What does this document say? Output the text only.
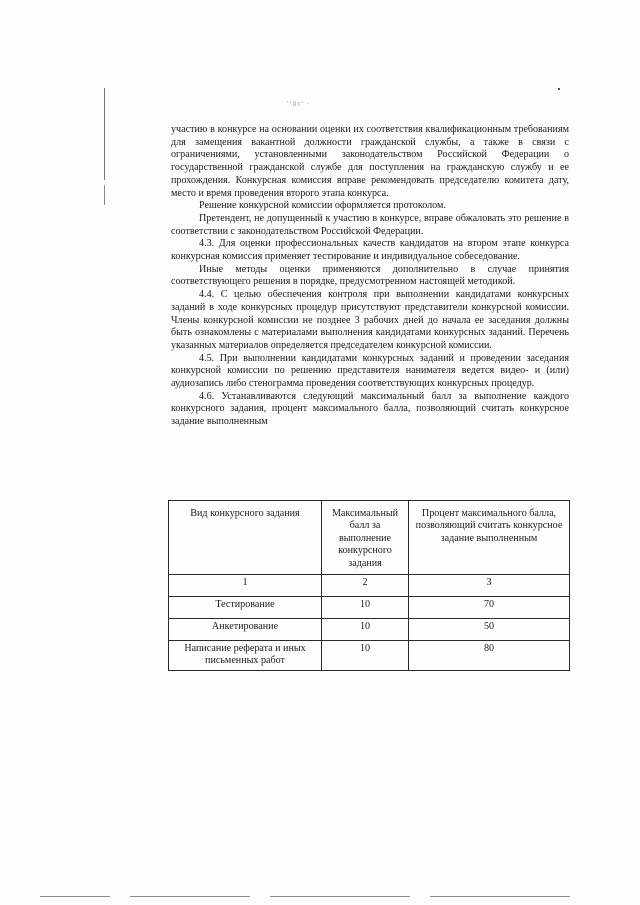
’‘йт‘ ·

участию в конкурсе на основании оценки их соответствия квалификационным требованиям для замещения вакантной должности гражданской службы, а также в связи с ограничениями, установленными законодательством Российской Федерации о государственной гражданской службе для поступления на гражданскую службу и ее прохождения. Конкурсная комиссия вправе рекомендовать председателю комитета дату, место и время проведения второго этапа конкурса.

Решение конкурсной комиссии оформляется протоколом.

Претендент, не допущенный к участию в конкурсе, вправе обжаловать это решение в соответствии с законодательством Российской Федерации.

4.3. Для оценки профессиональных качеств кандидатов на втором этапе конкурса конкурсная комиссия применяет тестирование и индивидуальное собеседование.

Иные методы оценки применяются дополнительно в случае принятия соответствующего решения в порядке, предусмотренном настоящей методикой.

4.4. С целью обеспечения контроля при выполнении кандидатами конкурсных заданий в ходе конкурсных процедур присутствуют представители конкурсной комиссии. Члены конкурсной комиссии не позднее 3 рабочих дней до начала ее заседания должны быть ознакомлены с материалами выполнения кандидатами конкурсных заданий. Перечень указанных материалов определяется председателем конкурсной комиссии.

4.5. При выполнении кандидатами конкурсных заданий и проведении заседания конкурсной комиссии по решению представителя нанимателя ведется видео- и (или) аудиозапись либо стенограмма проведения соответствующих конкурсных процедур.

4.6. Устанавливаются следующий максимальный балл за выполнение каждого конкурсного задания, процент максимального балла, позволяющий считать конкурсное задание выполненным

Вид конкурсного задания	Максимальный балл за выполнение конкурсного задания	Процент максимального балла, позволяющий считать конкурсное задание выполненным
1	2	3
Тестирование	10	70
Анкетирование	10	50
Написание реферата и иных письменных работ	10	80
